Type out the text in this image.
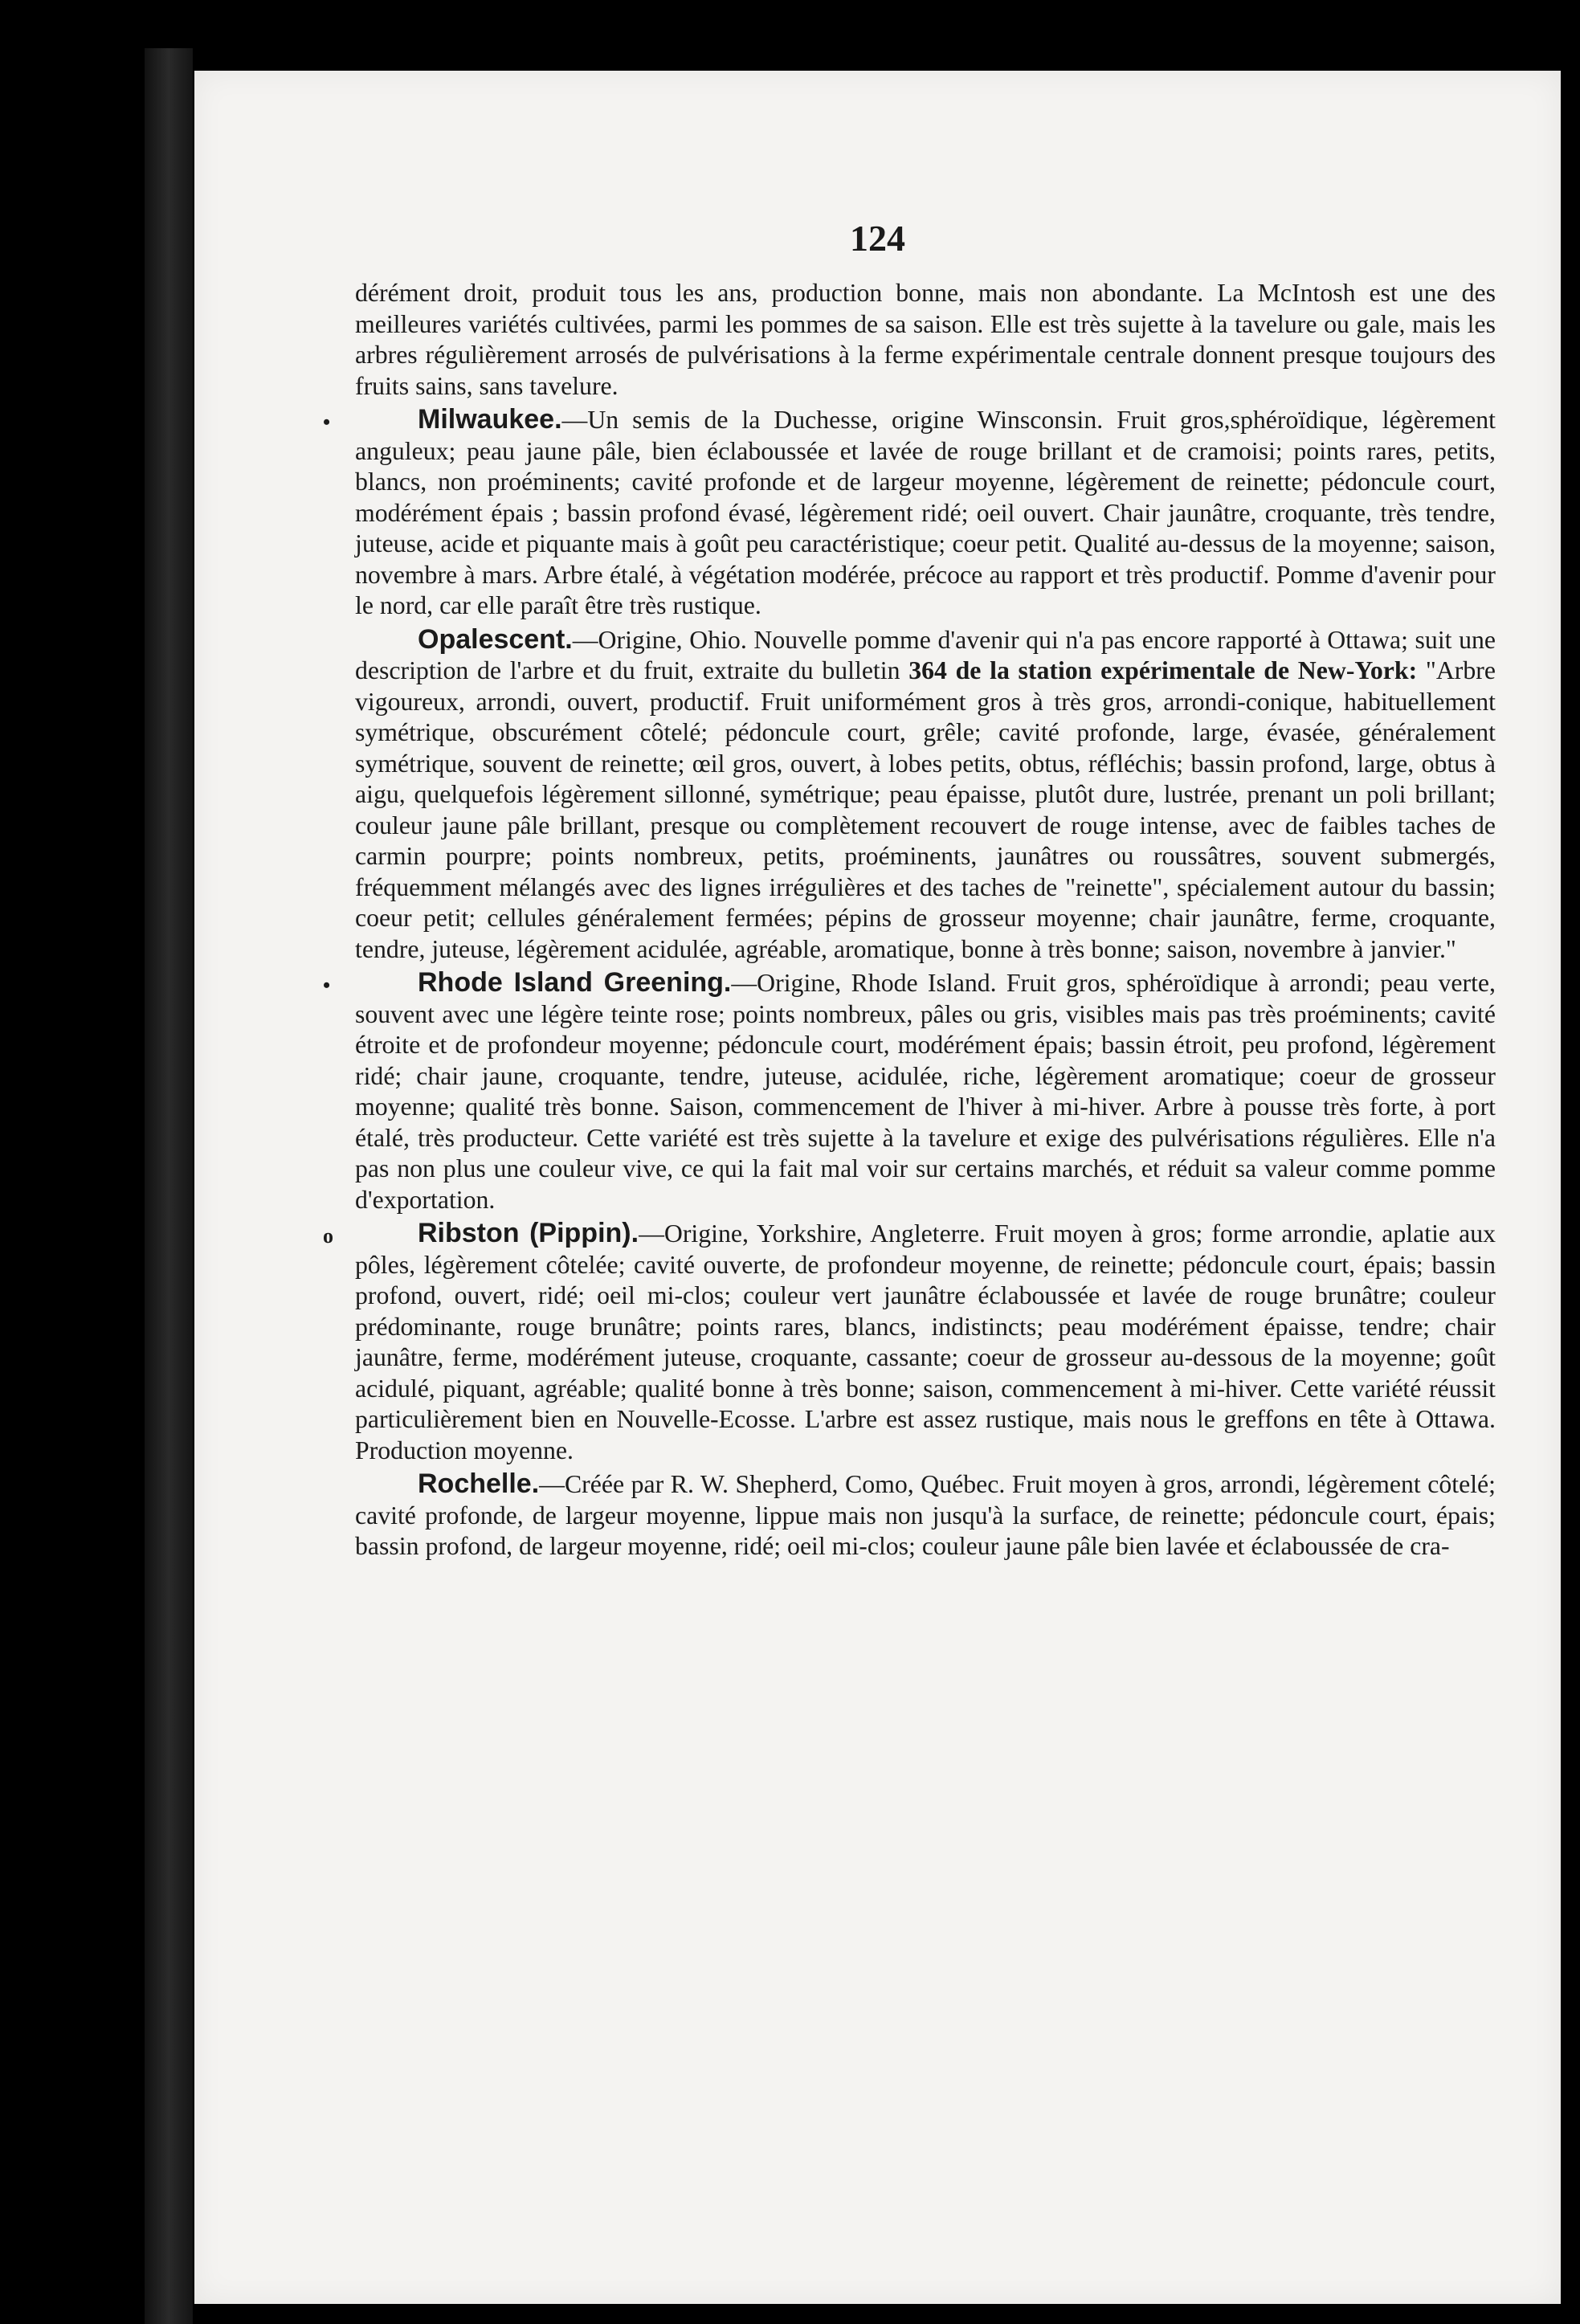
124

dérément droit, produit tous les ans, production bonne, mais non abondante. La McIntosh est une des meilleures variétés cultivées, parmi les pommes de sa saison. Elle est très sujette à la tavelure ou gale, mais les arbres régulièrement arrosés de pulvérisations à la ferme expérimentale centrale donnent presque toujours des fruits sains, sans tavelure.

•	Milwaukee.—Un semis de la Duchesse, origine Winsconsin. Fruit gros,sphéroïdique, légèrement anguleux; peau jaune pâle, bien éclaboussée et lavée de rouge brillant et de cramoisi; points rares, petits, blancs, non proéminents; cavité profonde et de largeur moyenne, légèrement de reinette; pédoncule court, modérément épais ; bassin profond évasé, légèrement ridé; oeil ouvert. Chair jaunâtre, croquante, très tendre, juteuse, acide et piquante mais à goût peu caractéristique; coeur petit. Qualité au-dessus de la moyenne; saison, novembre à mars. Arbre étalé, à végétation modérée, précoce au rapport et très productif. Pomme d'avenir pour le nord, car elle paraît être très rustique.

Opalescent.—Origine, Ohio. Nouvelle pomme d'avenir qui n'a pas encore rapporté à Ottawa; suit une description de l'arbre et du fruit, extraite du bulletin 364 de la station expérimentale de New-York: "Arbre vigoureux, arrondi, ouvert, productif. Fruit uniformément gros à très gros, arrondi-conique, habituellement symétrique, obscurément côtelé; pédoncule court, grêle; cavité profonde, large, évasée, généralement symétrique, souvent de reinette; œil gros, ouvert, à lobes petits, obtus, réfléchis; bassin profond, large, obtus à aigu, quelquefois légèrement sillonné, symétrique; peau épaisse, plutôt dure, lustrée, prenant un poli brillant; couleur jaune pâle brillant, presque ou complètement recouvert de rouge intense, avec de faibles taches de carmin pourpre; points nombreux, petits, proéminents, jaunâtres ou roussâtres, souvent submergés, fréquemment mélangés avec des lignes irrégulières et des taches de "reinette", spécialement autour du bassin; coeur petit; cellules généralement fermées; pépins de grosseur moyenne; chair jaunâtre, ferme, croquante, tendre, juteuse, légèrement acidulée, agréable, aromatique, bonne à très bonne; saison, novembre à janvier."

•	Rhode Island Greening.—Origine, Rhode Island. Fruit gros, sphéroïdique à arrondi; peau verte, souvent avec une légère teinte rose; points nombreux, pâles ou gris, visibles mais pas très proéminents; cavité étroite et de profondeur moyenne; pédoncule court, modérément épais; bassin étroit, peu profond, légèrement ridé; chair jaune, croquante, tendre, juteuse, acidulée, riche, légèrement aromatique; coeur de grosseur moyenne; qualité très bonne. Saison, commencement de l'hiver à mi-hiver. Arbre à pousse très forte, à port étalé, très producteur. Cette variété est très sujette à la tavelure et exige des pulvérisations régulières. Elle n'a pas non plus une couleur vive, ce qui la fait mal voir sur certains marchés, et réduit sa valeur comme pomme d'exportation.

o	Ribston (Pippin).—Origine, Yorkshire, Angleterre. Fruit moyen à gros; forme arrondie, aplatie aux pôles, légèrement côtelée; cavité ouverte, de profondeur moyenne, de reinette; pédoncule court, épais; bassin profond, ouvert, ridé; oeil mi-clos; couleur vert jaunâtre éclaboussée et lavée de rouge brunâtre; couleur prédominante, rouge brunâtre; points rares, blancs, indistincts; peau modérément épaisse, tendre; chair jaunâtre, ferme, modérément juteuse, croquante, cassante; coeur de grosseur au-dessous de la moyenne; goût acidulé, piquant, agréable; qualité bonne à très bonne; saison, commencement à mi-hiver. Cette variété réussit particulièrement bien en Nouvelle-Ecosse. L'arbre est assez rustique, mais nous le greffons en tête à Ottawa. Production moyenne.

Rochelle.—Créée par R. W. Shepherd, Como, Québec. Fruit moyen à gros, arrondi, légèrement côtelé; cavité profonde, de largeur moyenne, lippue mais non jusqu'à la surface, de reinette; pédoncule court, épais; bassin profond, de largeur moyenne, ridé; oeil mi-clos; couleur jaune pâle bien lavée et éclaboussée de cra-
